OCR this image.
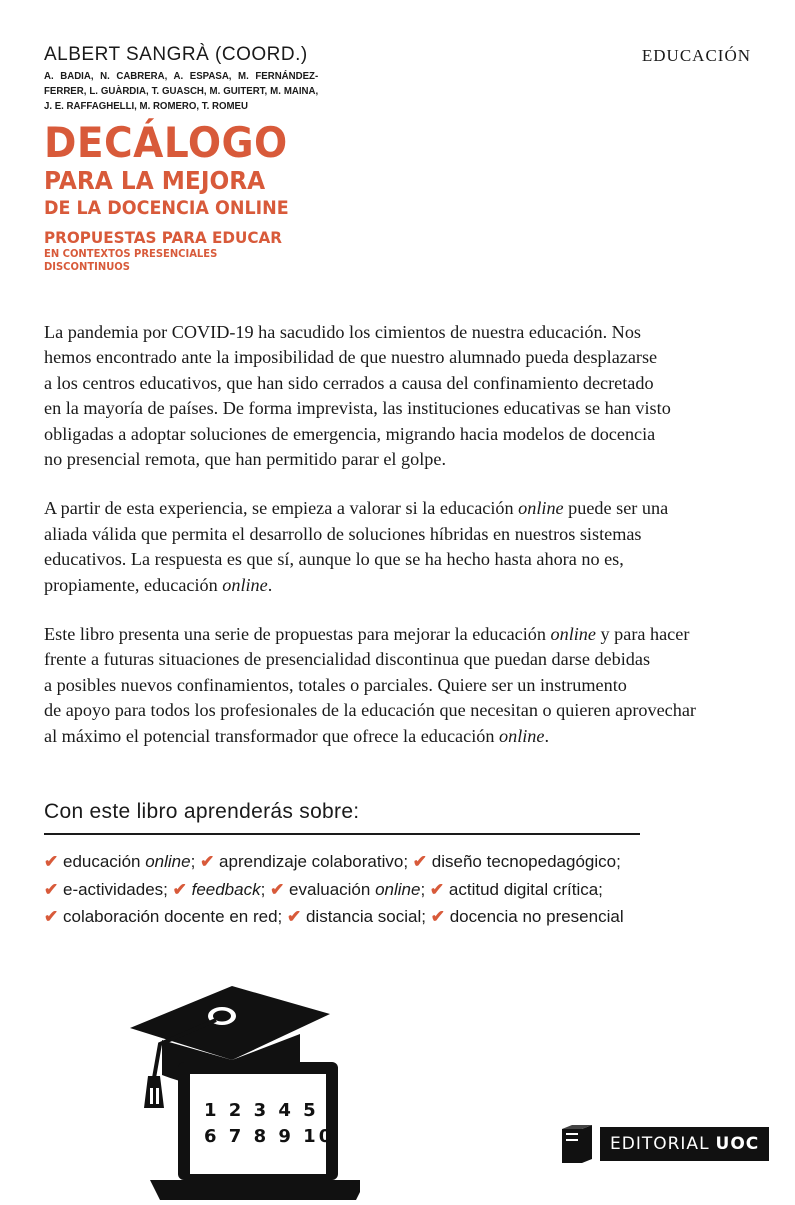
ALBERT SANGRÀ (COORD.)

A. BADIA, N. CABRERA, A. ESPASA, M. FERNÁNDEZ-FERRER, L. GUÀRDIA, T. GUASCH, M. GUITERT, M. MAINA, J. E. RAFFAGHELLI, M. ROMERO, T. ROMEU

EDUCACIÓN

DECÁLOGO

PARA LA MEJORA

DE LA DOCENCIA ONLINE

PROPUESTAS PARA EDUCAR

EN CONTEXTOS PRESENCIALES DISCONTINUOS

La pandemia por COVID-19 ha sacudido los cimientos de nuestra educación. Nos
hemos encontrado ante la imposibilidad de que nuestro alumnado pueda desplazarse
a los centros educativos, que han sido cerrados a causa del confinamiento decretado
en la mayoría de países. De forma imprevista, las instituciones educativas se han visto
obligadas a adoptar soluciones de emergencia, migrando hacia modelos de docencia
no presencial remota, que han permitido parar el golpe.

A partir de esta experiencia, se empieza a valorar si la educación online puede ser una
aliada válida que permita el desarrollo de soluciones híbridas en nuestros sistemas
educativos. La respuesta es que sí, aunque lo que se ha hecho hasta ahora no es,
propiamente, educación online.

Este libro presenta una serie de propuestas para mejorar la educación online y para hacer
frente a futuras situaciones de presencialidad discontinua que puedan darse debidas
a posibles nuevos confinamientos, totales o parciales. Quiere ser un instrumento
de apoyo para todos los profesionales de la educación que necesitan o quieren aprovechar
al máximo el potencial transformador que ofrece la educación online.

Con este libro aprenderás sobre:

✔ educación online; ✔ aprendizaje colaborativo; ✔ diseño tecnopedagógico;
✔ e-actividades; ✔ feedback; ✔ evaluación online; ✔ actitud digital crítica;
✔ colaboración docente en red; ✔ distancia social; ✔ docencia no presencial
1 2 3 4 5
6 7 8 9 10	EDITORIAL UOC
